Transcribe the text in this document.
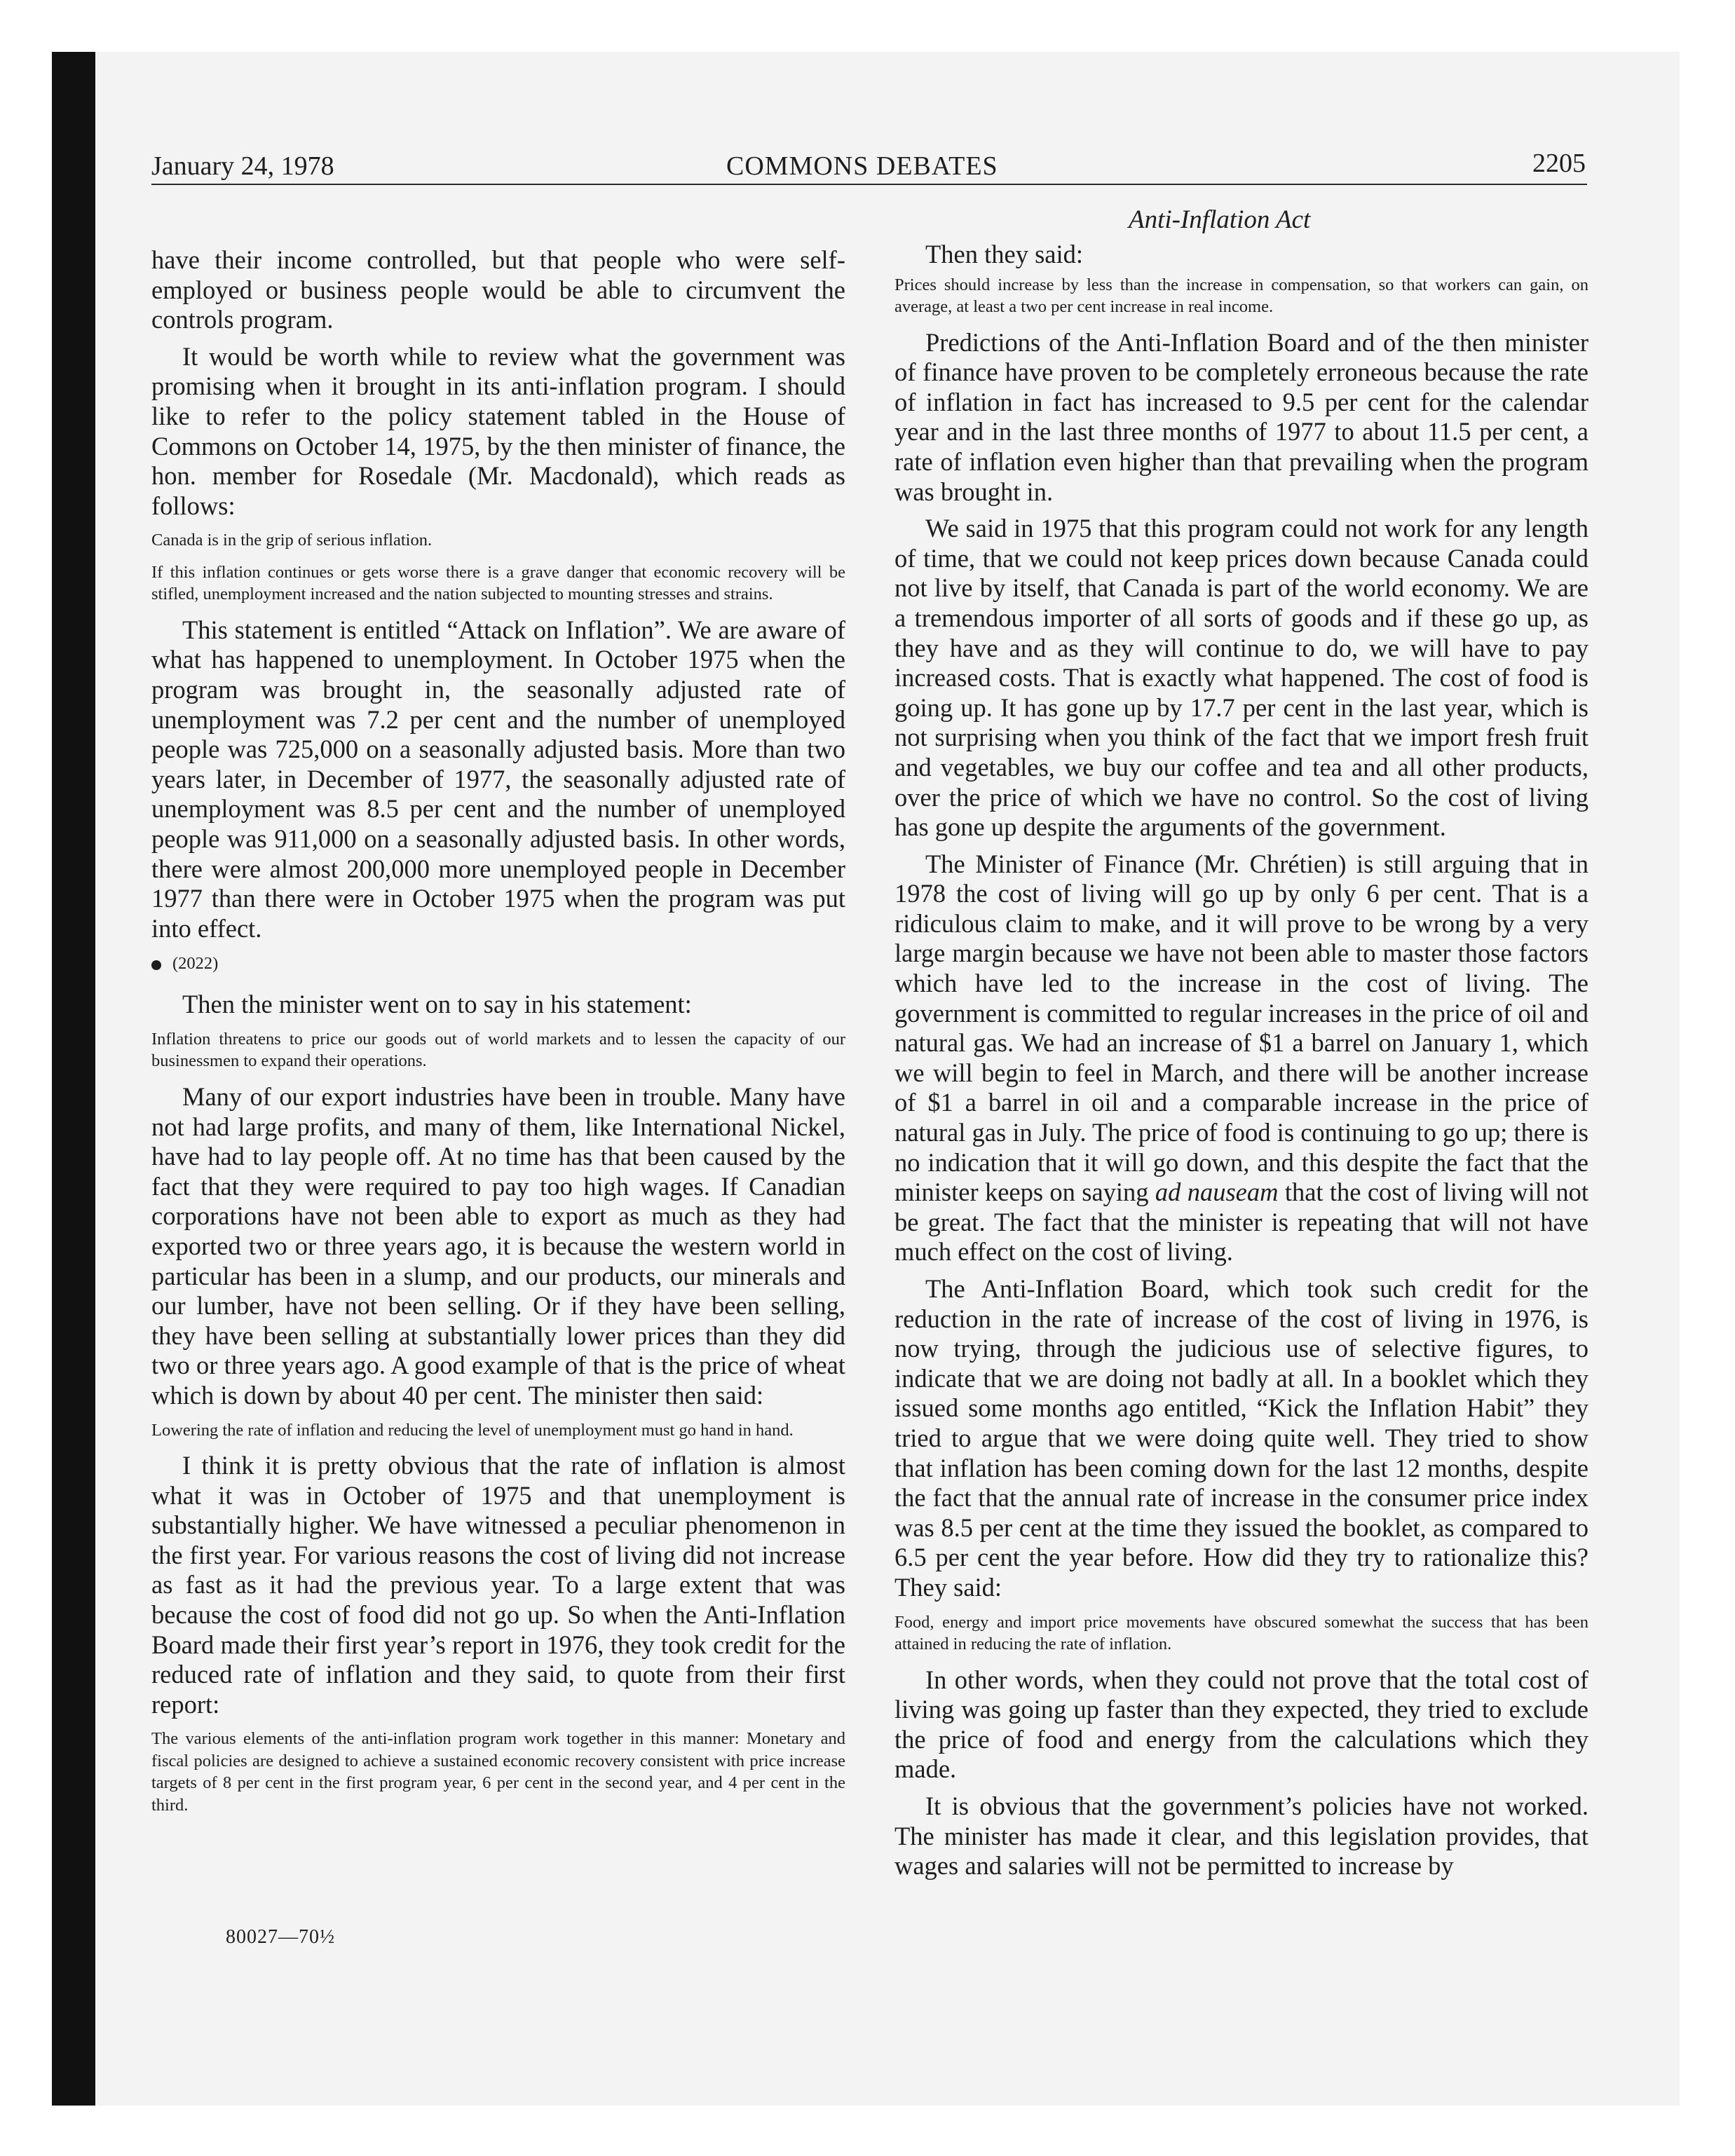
January 24, 1978	COMMONS DEBATES	2205
Anti-Inflation Act

have their income controlled, but that people who were self-employed or business people would be able to circumvent the controls program.

It would be worth while to review what the government was promising when it brought in its anti-inflation program. I should like to refer to the policy statement tabled in the House of Commons on October 14, 1975, by the then minister of finance, the hon. member for Rosedale (Mr. Macdonald), which reads as follows:

Canada is in the grip of serious inflation.

If this inflation continues or gets worse there is a grave danger that economic recovery will be stifled, unemployment increased and the nation subjected to mounting stresses and strains.

This statement is entitled “Attack on Inflation”. We are aware of what has happened to unemployment. In October 1975 when the program was brought in, the seasonally adjusted rate of unemployment was 7.2 per cent and the number of unemployed people was 725,000 on a seasonally adjusted basis. More than two years later, in December of 1977, the seasonally adjusted rate of unemployment was 8.5 per cent and the number of unemployed people was 911,000 on a seasonally adjusted basis. In other words, there were almost 200,000 more unemployed people in December 1977 than there were in October 1975 when the program was put into effect.

(2022)

Then the minister went on to say in his statement:

Inflation threatens to price our goods out of world markets and to lessen the capacity of our businessmen to expand their operations.

Many of our export industries have been in trouble. Many have not had large profits, and many of them, like International Nickel, have had to lay people off. At no time has that been caused by the fact that they were required to pay too high wages. If Canadian corporations have not been able to export as much as they had exported two or three years ago, it is because the western world in particular has been in a slump, and our products, our minerals and our lumber, have not been selling. Or if they have been selling, they have been selling at substantially lower prices than they did two or three years ago. A good example of that is the price of wheat which is down by about 40 per cent. The minister then said:

Lowering the rate of inflation and reducing the level of unemployment must go hand in hand.

I think it is pretty obvious that the rate of inflation is almost what it was in October of 1975 and that unemployment is substantially higher. We have witnessed a peculiar phenomenon in the first year. For various reasons the cost of living did not increase as fast as it had the previous year. To a large extent that was because the cost of food did not go up. So when the Anti-Inflation Board made their first year’s report in 1976, they took credit for the reduced rate of inflation and they said, to quote from their first report:

The various elements of the anti-inflation program work together in this manner: Monetary and fiscal policies are designed to achieve a sustained economic recovery consistent with price increase targets of 8 per cent in the first program year, 6 per cent in the second year, and 4 per cent in the third.

Then they said:

Prices should increase by less than the increase in compensation, so that workers can gain, on average, at least a two per cent increase in real income.

Predictions of the Anti-Inflation Board and of the then minister of finance have proven to be completely erroneous because the rate of inflation in fact has increased to 9.5 per cent for the calendar year and in the last three months of 1977 to about 11.5 per cent, a rate of inflation even higher than that prevailing when the program was brought in.

We said in 1975 that this program could not work for any length of time, that we could not keep prices down because Canada could not live by itself, that Canada is part of the world economy. We are a tremendous importer of all sorts of goods and if these go up, as they have and as they will continue to do, we will have to pay increased costs. That is exactly what happened. The cost of food is going up. It has gone up by 17.7 per cent in the last year, which is not surprising when you think of the fact that we import fresh fruit and vegetables, we buy our coffee and tea and all other products, over the price of which we have no control. So the cost of living has gone up despite the arguments of the government.

The Minister of Finance (Mr. Chrétien) is still arguing that in 1978 the cost of living will go up by only 6 per cent. That is a ridiculous claim to make, and it will prove to be wrong by a very large margin because we have not been able to master those factors which have led to the increase in the cost of living. The government is committed to regular increases in the price of oil and natural gas. We had an increase of $1 a barrel on January 1, which we will begin to feel in March, and there will be another increase of $1 a barrel in oil and a comparable increase in the price of natural gas in July. The price of food is continuing to go up; there is no indication that it will go down, and this despite the fact that the minister keeps on saying ad nauseam that the cost of living will not be great. The fact that the minister is repeating that will not have much effect on the cost of living.

The Anti-Inflation Board, which took such credit for the reduction in the rate of increase of the cost of living in 1976, is now trying, through the judicious use of selective figures, to indicate that we are doing not badly at all. In a booklet which they issued some months ago entitled, “Kick the Inflation Habit” they tried to argue that we were doing quite well. They tried to show that inflation has been coming down for the last 12 months, despite the fact that the annual rate of increase in the consumer price index was 8.5 per cent at the time they issued the booklet, as compared to 6.5 per cent the year before. How did they try to rationalize this? They said:

Food, energy and import price movements have obscured somewhat the success that has been attained in reducing the rate of inflation.

In other words, when they could not prove that the total cost of living was going up faster than they expected, they tried to exclude the price of food and energy from the calculations which they made.

It is obvious that the government’s policies have not worked. The minister has made it clear, and this legislation provides, that wages and salaries will not be permitted to increase by

80027—70½
